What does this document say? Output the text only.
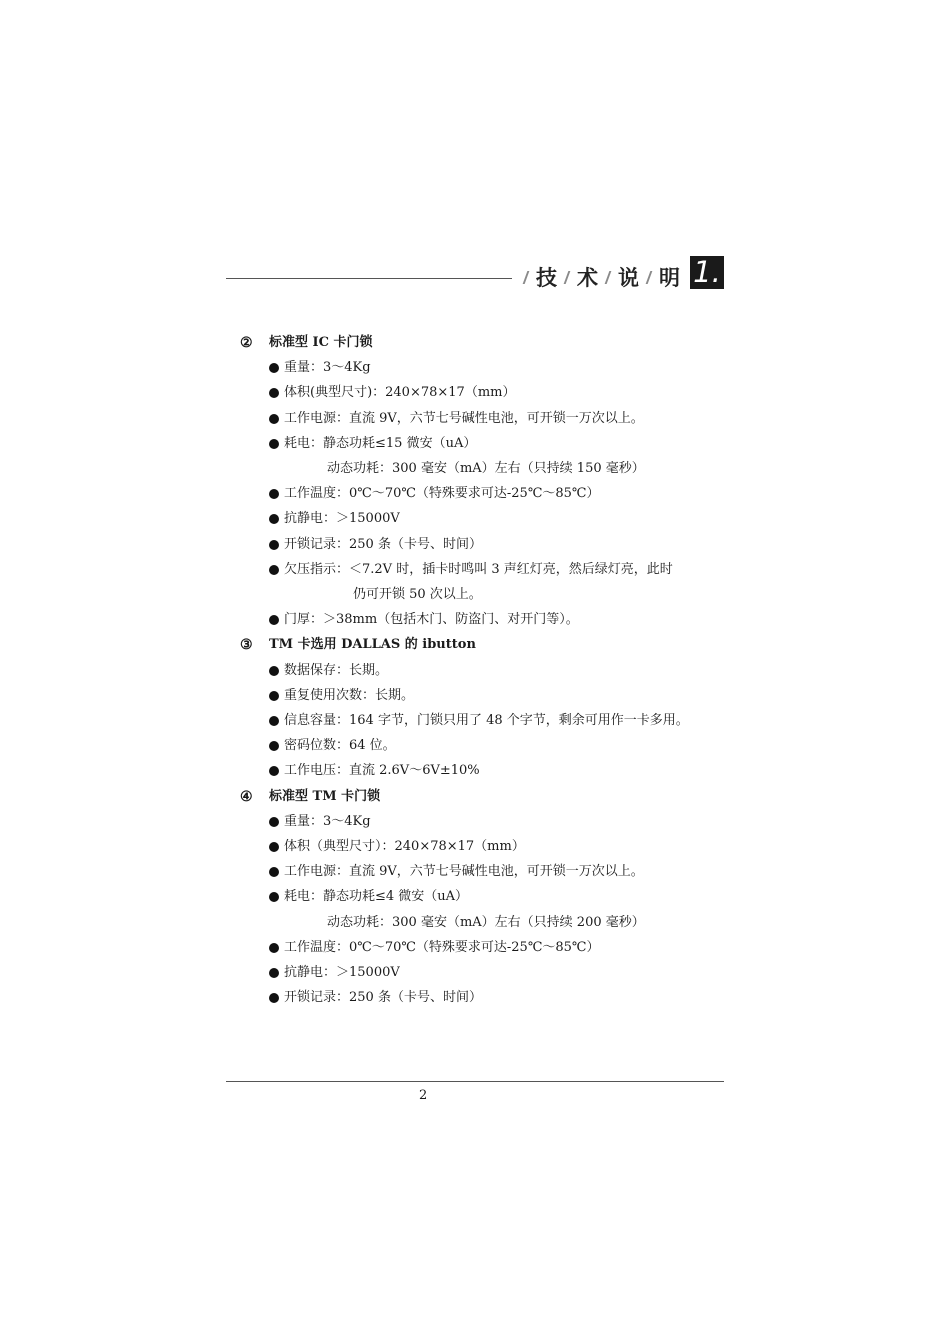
技 术 说 明 1.
② 标准型 IC 卡门锁
重量：3～4Kg
体积(典型尺寸)：240×78×17（mm）
工作电源：直流 9V，六节七号碱性电池，可开锁一万次以上。
耗电：静态功耗≤15 微安（uA）
动态功耗：300 毫安（mA）左右（只持续 150 毫秒）
工作温度：0℃～70℃（特殊要求可达-25℃～85℃）
抗静电：＞15000V
开锁记录：250 条（卡号、时间）
欠压指示：＜7.2V 时，插卡时鸣叫 3 声红灯亮，然后绿灯亮，此时
仍可开锁 50 次以上。
门厚：＞38mm（包括木门、防盗门、对开门等）。
③ TM 卡选用 DALLAS 的 ibutton
数据保存：长期。
重复使用次数：长期。
信息容量：164 字节，门锁只用了 48 个字节，剩余可用作一卡多用。
密码位数：64 位。
工作电压：直流 2.6V～6V±10%
④ 标准型 TM 卡门锁
重量：3～4Kg
体积（典型尺寸）：240×78×17（mm）
工作电源：直流 9V，六节七号碱性电池，可开锁一万次以上。
耗电：静态功耗≤4 微安（uA）
动态功耗：300 毫安（mA）左右（只持续 200 毫秒）
工作温度：0℃～70℃（特殊要求可达-25℃～85℃）
抗静电：＞15000V
开锁记录：250 条（卡号、时间）
2
